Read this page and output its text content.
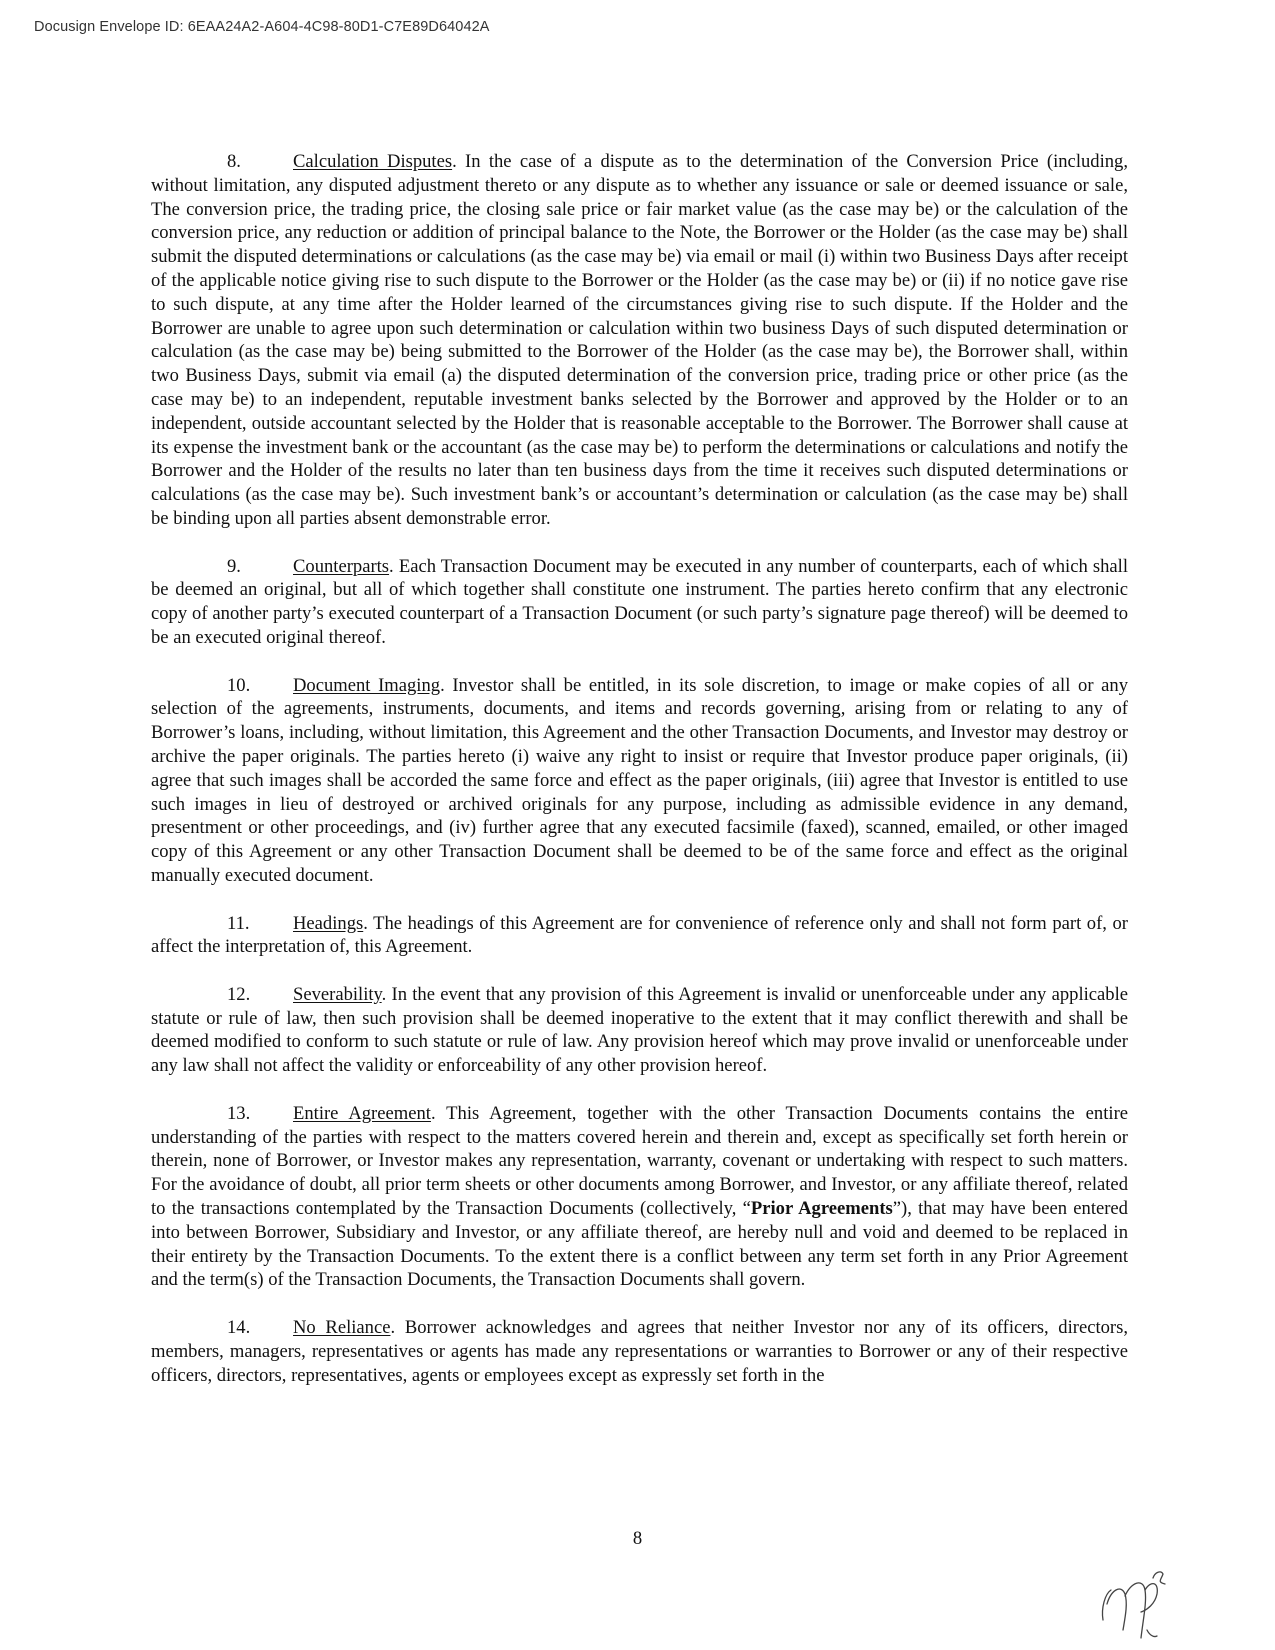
Docusign Envelope ID: 6EAA24A2-A604-4C98-80D1-C7E89D64042A

8.	Calculation Disputes. In the case of a dispute as to the determination of the Conversion Price (including, without limitation, any disputed adjustment thereto or any dispute as to whether any issuance or sale or deemed issuance or sale, The conversion price, the trading price, the closing sale price or fair market value (as the case may be) or the calculation of the conversion price, any reduction or addition of principal balance to the Note, the Borrower or the Holder (as the case may be) shall submit the disputed determinations or calculations (as the case may be) via email or mail (i) within two Business Days after receipt of the applicable notice giving rise to such dispute to the Borrower or the Holder (as the case may be) or (ii) if no notice gave rise to such dispute, at any time after the Holder learned of the circumstances giving rise to such dispute. If the Holder and the Borrower are unable to agree upon such determination or calculation within two business Days of such disputed determination or calculation (as the case may be) being submitted to the Borrower of the Holder (as the case may be), the Borrower shall, within two Business Days, submit via email (a) the disputed determination of the conversion price, trading price or other price (as the case may be) to an independent, reputable investment banks selected by the Borrower and approved by the Holder or to an independent, outside accountant selected by the Holder that is reasonable acceptable to the Borrower. The Borrower shall cause at its expense the investment bank or the accountant (as the case may be) to perform the determinations or calculations and notify the Borrower and the Holder of the results no later than ten business days from the time it receives such disputed determinations or calculations (as the case may be). Such investment bank’s or accountant’s determination or calculation (as the case may be) shall be binding upon all parties absent demonstrable error.

9.	Counterparts. Each Transaction Document may be executed in any number of counterparts, each of which shall be deemed an original, but all of which together shall constitute one instrument. The parties hereto confirm that any electronic copy of another party’s executed counterpart of a Transaction Document (or such party’s signature page thereof) will be deemed to be an executed original thereof.

10. Document Imaging. Investor shall be entitled, in its sole discretion, to image or make copies of all or any selection of the agreements, instruments, documents, and items and records governing, arising from or relating to any of Borrower’s loans, including, without limitation, this Agreement and the other Transaction Documents, and Investor may destroy or archive the paper originals. The parties hereto (i) waive any right to insist or require that Investor produce paper originals, (ii) agree that such images shall be accorded the same force and effect as the paper originals, (iii) agree that Investor is entitled to use such images in lieu of destroyed or archived originals for any purpose, including as admissible evidence in any demand, presentment or other proceedings, and (iv) further agree that any executed facsimile (faxed), scanned, emailed, or other imaged copy of this Agreement or any other Transaction Document shall be deemed to be of the same force and effect as the original manually executed document.

11. Headings. The headings of this Agreement are for convenience of reference only and shall not form part of, or affect the interpretation of, this Agreement.

12. Severability. In the event that any provision of this Agreement is invalid or unenforceable under any applicable statute or rule of law, then such provision shall be deemed inoperative to the extent that it may conflict therewith and shall be deemed modified to conform to such statute or rule of law. Any provision hereof which may prove invalid or unenforceable under any law shall not affect the validity or enforceability of any other provision hereof.

13. Entire Agreement. This Agreement, together with the other Transaction Documents contains the entire understanding of the parties with respect to the matters covered herein and therein and, except as specifically set forth herein or therein, none of Borrower, or Investor makes any representation, warranty, covenant or undertaking with respect to such matters. For the avoidance of doubt, all prior term sheets or other documents among Borrower, and Investor, or any affiliate thereof, related to the transactions contemplated by the Transaction Documents (collectively, “Prior Agreements”), that may have been entered into between Borrower, Subsidiary and Investor, or any affiliate thereof, are hereby null and void and deemed to be replaced in their entirety by the Transaction Documents. To the extent there is a conflict between any term set forth in any Prior Agreement and the term(s) of the Transaction Documents, the Transaction Documents shall govern.

14. No Reliance. Borrower acknowledges and agrees that neither Investor nor any of its officers, directors, members, managers, representatives or agents has made any representations or warranties to Borrower or any of their respective officers, directors, representatives, agents or employees except as expressly set forth in the

8
